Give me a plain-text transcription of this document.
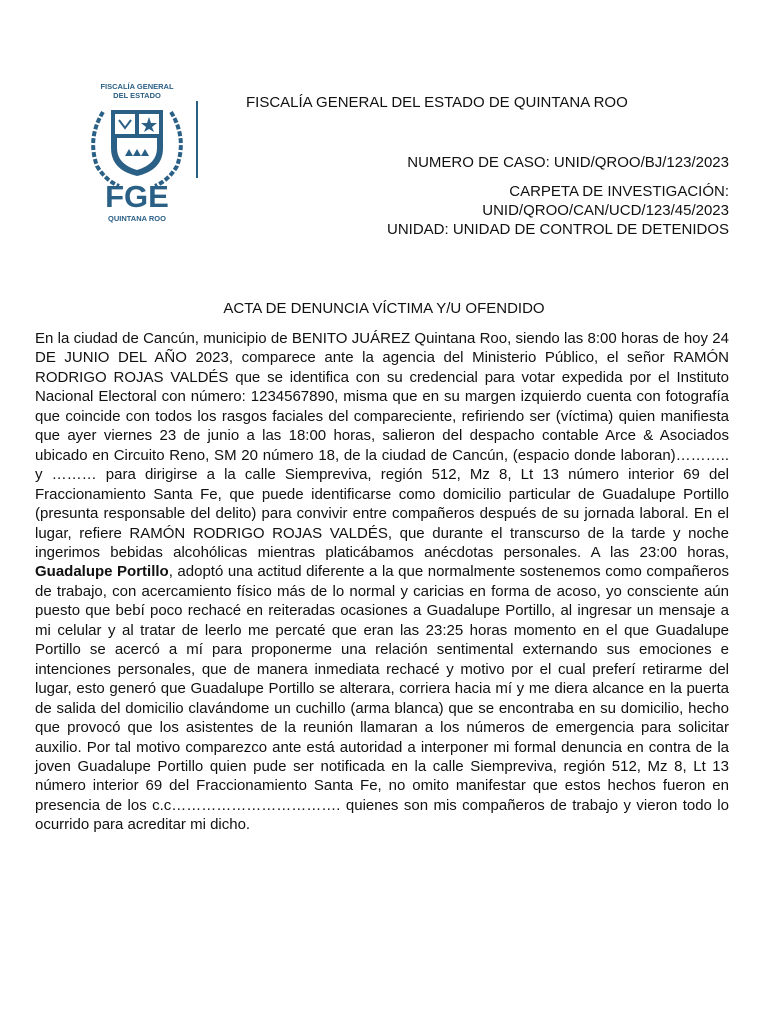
FISCALÍA GENERAL
DEL ESTADO
FGE
QUINTANA ROO
FISCALÍA GENERAL DEL ESTADO DE QUINTANA ROO
NUMERO DE CASO: UNID/QROO/BJ/123/2023
CARPETA DE INVESTIGACIÓN:
UNID/QROO/CAN/UCD/123/45/2023
UNIDAD: UNIDAD DE CONTROL DE DETENIDOS
ACTA DE DENUNCIA VÍCTIMA Y/U OFENDIDO

En la ciudad de Cancún, municipio de BENITO JUÁREZ Quintana Roo, siendo las 8:00 horas de hoy 24 DE JUNIO DEL AÑO 2023, comparece ante la agencia del Ministerio Público, el señor RAMÓN RODRIGO ROJAS VALDÉS que se identifica con su credencial para votar expedida por el Instituto Nacional Electoral con número: 1234567890, misma que en su margen izquierdo cuenta con fotografía que coincide con todos los rasgos faciales del compareciente, refiriendo ser (víctima) quien manifiesta que ayer viernes 23 de junio a las 18:00 horas, salieron del despacho contable Arce & Asociados ubicado en Circuito Reno, SM 20 número 18, de la ciudad de Cancún, (espacio donde laboran)……….. y ……… para dirigirse a la calle Siempreviva, región 512, Mz 8, Lt 13 número interior 69 del Fraccionamiento Santa Fe, que puede identificarse como domicilio particular de Guadalupe Portillo (presunta responsable del delito) para convivir entre compañeros después de su jornada laboral. En el lugar, refiere RAMÓN RODRIGO ROJAS VALDÉS, que durante el transcurso de la tarde y noche ingerimos bebidas alcohólicas mientras platicábamos anécdotas personales. A las 23:00 horas, Guadalupe Portillo, adoptó una actitud diferente a la que normalmente sostenemos como compañeros de trabajo, con acercamiento físico más de lo normal y caricias en forma de acoso, yo consciente aún puesto que bebí poco rechacé en reiteradas ocasiones a Guadalupe Portillo, al ingresar un mensaje a mi celular y al tratar de leerlo me percaté que eran las 23:25 horas momento en el que Guadalupe Portillo se acercó a mí para proponerme una relación sentimental externando sus emociones e intenciones personales, que de manera inmediata rechacé y motivo por el cual preferí retirarme del lugar, esto generó que Guadalupe Portillo se alterara, corriera hacia mí y me diera alcance en la puerta de salida del domicilio clavándome un cuchillo (arma blanca) que se encontraba en su domicilio, hecho que provocó que los asistentes de la reunión llamaran a los números de emergencia para solicitar auxilio. Por tal motivo comparezco ante está autoridad a interponer mi formal denuncia en contra de la joven Guadalupe Portillo quien pude ser notificada en la calle Siempreviva, región 512, Mz 8, Lt 13 número interior 69 del Fraccionamiento Santa Fe, no omito manifestar que estos hechos fueron en presencia de los c.c……………………………. quienes son mis compañeros de trabajo y vieron todo lo ocurrido para acreditar mi dicho.
